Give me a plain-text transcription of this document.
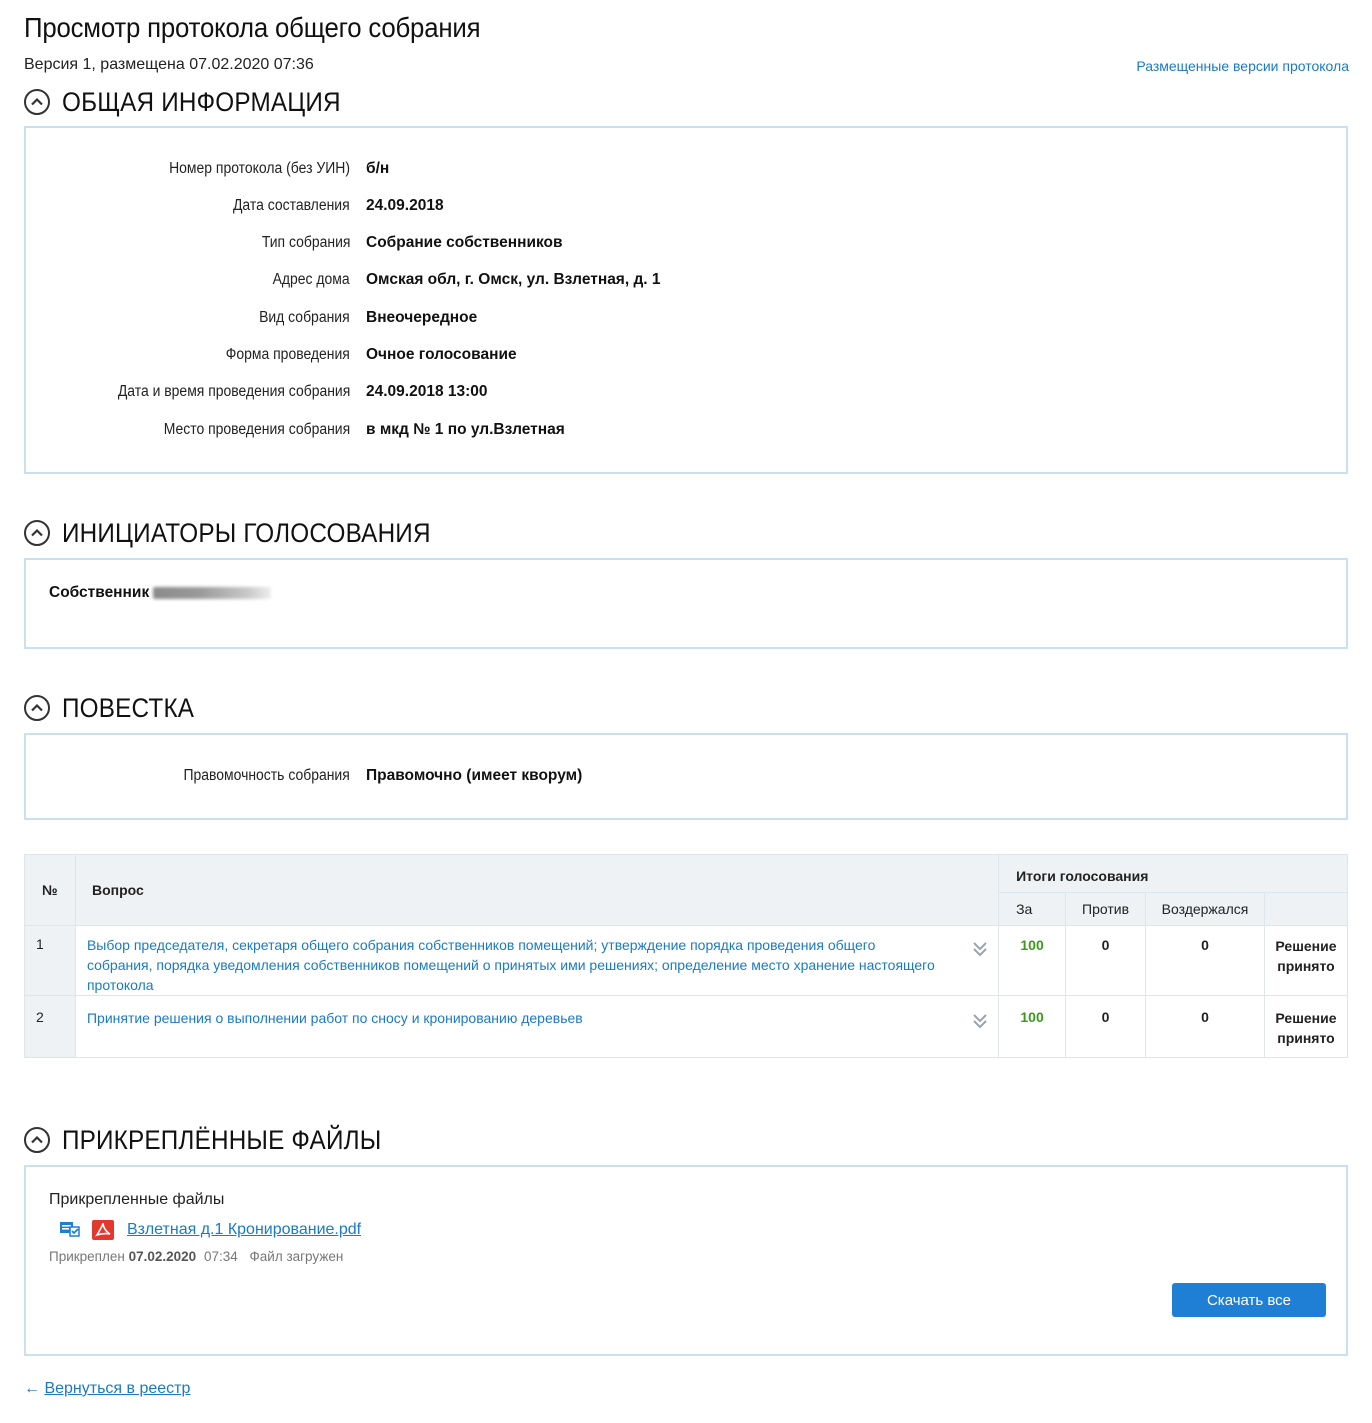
Просмотр протокола общего собрания
Версия 1, размещена 07.02.2020 07:36	Размещенные версии протокола
ОБЩАЯ ИНФОРМАЦИЯ
Номер протокола (без УИН) б/н
Дата составления 24.09.2018
Тип собрания Собрание собственников
Адрес дома Омская обл, г. Омск, ул. Взлетная, д. 1
Вид собрания Внеочередное
Форма проведения Очное голосование
Дата и время проведения собрания 24.09.2018 13:00
Место проведения собрания в мкд № 1 по ул.Взлетная
ИНИЦИАТОРЫ ГОЛОСОВАНИЯ
Собственник
ПОВЕСТКА
Правомочность собрания Правомочно (имеет кворум)
№	Вопрос	Итоги голосования			
		За	Против	Воздержался	
1	Выбор председателя, секретаря общего собрания собственников помещений; утверждение порядка проведения общего собрания, порядка уведомления собственников помещений о принятых ими решениях; определение место хранение настоящего протокола	100	0	0	Решение принято
2	Принятие решения о выполнении работ по сносу и кронированию деревьев	100	0	0	Решение принято
ПРИКРЕПЛЁННЫЕ ФАЙЛЫ
Прикрепленные файлы
Взлетная д.1 Кронирование.pdf
Прикреплен 07.02.2020 07:34 Файл загружен
Скачать все
← Вернуться в реестр
